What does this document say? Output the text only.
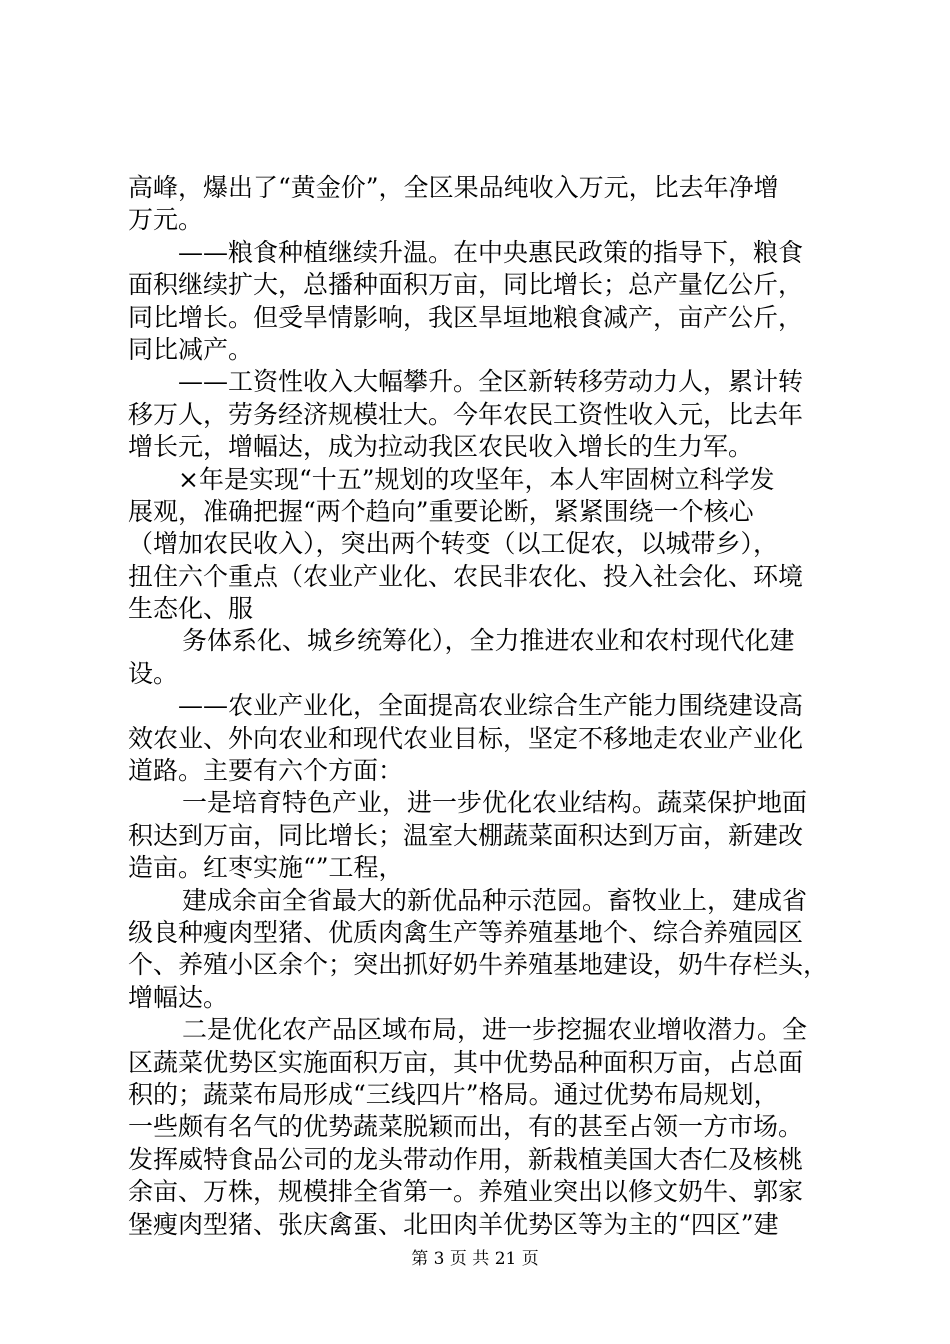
高峰，爆出了“黄金价”，全区果品纯收入万元，比去年净增
万元。
——粮食种植继续升温。在中央惠民政策的指导下，粮食
面积继续扩大，总播种面积万亩，同比增长；总产量亿公斤，
同比增长。但受旱情影响，我区旱垣地粮食减产，亩产公斤，
同比减产。
——工资性收入大幅攀升。全区新转移劳动力人，累计转
移万人，劳务经济规模壮大。今年农民工资性收入元，比去年
增长元，增幅达，成为拉动我区农民收入增长的生力军。
×年是实现“十五”规划的攻坚年，本人牢固树立科学发
展观，准确把握“两个趋向”重要论断，紧紧围绕一个核心
（增加农民收入），突出两个转变（以工促农，以城带乡），
扭住六个重点（农业产业化、农民非农化、投入社会化、环境
生态化、服
务体系化、城乡统筹化），全力推进农业和农村现代化建
设。
——农业产业化，全面提高农业综合生产能力围绕建设高
效农业、外向农业和现代农业目标，坚定不移地走农业产业化
道路。主要有六个方面：
一是培育特色产业，进一步优化农业结构。蔬菜保护地面
积达到万亩，同比增长；温室大棚蔬菜面积达到万亩，新建改
造亩。红枣实施“”工程，
建成余亩全省最大的新优品种示范园。畜牧业上，建成省
级良种瘦肉型猪、优质肉禽生产等养殖基地个、综合养殖园区
个、养殖小区余个；突出抓好奶牛养殖基地建设，奶牛存栏头，
增幅达。
二是优化农产品区域布局，进一步挖掘农业增收潜力。全
区蔬菜优势区实施面积万亩，其中优势品种面积万亩，占总面
积的；蔬菜布局形成“三线四片”格局。通过优势布局规划，
一些颇有名气的优势蔬菜脱颖而出，有的甚至占领一方市场。
发挥威特食品公司的龙头带动作用，新栽植美国大杏仁及核桃
余亩、万株，规模排全省第一。养殖业突出以修文奶牛、郭家
堡瘦肉型猪、张庆禽蛋、北田肉羊优势区等为主的“四区”建
第 3 页 共 21 页
